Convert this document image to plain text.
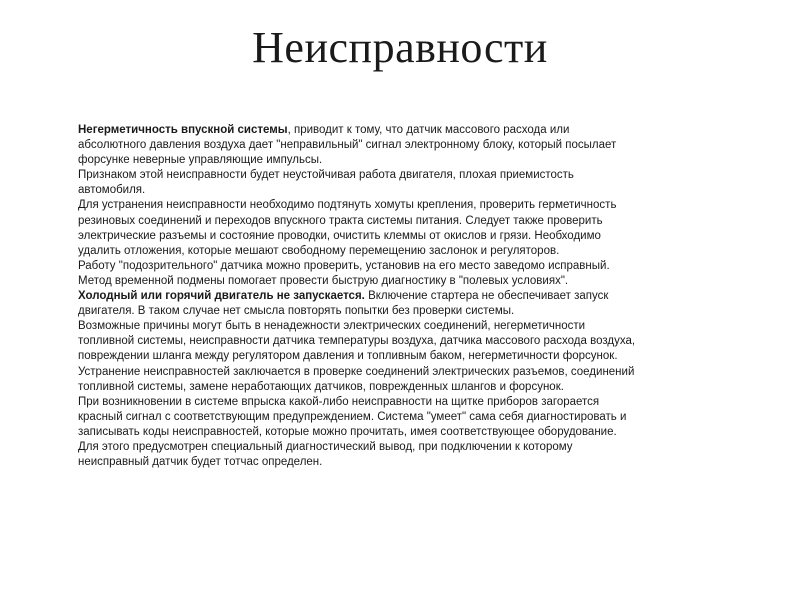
Неисправности

Негерметичность впускной системы, приводит к тому, что датчик массового расхода или абсолютного давления воздуха дает "неправильный" сигнал электронному блоку, который посылает форсунке неверные управляющие импульсы.

Признаком этой неисправности будет неустойчивая работа двигателя, плохая приемистость автомобиля.

Для устранения неисправности необходимо подтянуть хомуты крепления, проверить герметичность резиновых соединений и переходов впускного тракта системы питания. Следует также проверить электрические разъемы и состояние проводки, очистить клеммы от окислов и грязи. Необходимо удалить отложения, которые мешают свободному перемещению заслонок и регуляторов.

Работу "подозрительного" датчика можно проверить, установив на его место заведомо исправный. Метод временной подмены помогает провести быструю диагностику в "полевых условиях".

Холодный или горячий двигатель не запускается. Включение стартера не обеспечивает запуск двигателя. В таком случае нет смысла повторять попытки без проверки системы.

Возможные причины могут быть в ненадежности электрических соединений, негерметичности топливной системы, неисправности датчика температуры воздуха, датчика массового расхода воздуха, повреждении шланга между регулятором давления и топливным баком, негерметичности форсунок.

Устранение неисправностей заключается в проверке соединений электрических разъемов, соединений топливной системы, замене неработающих датчиков, поврежденных шлангов и форсунок.

При возникновении в системе впрыска какой-либо неисправности на щитке приборов загорается красный сигнал с соответствующим предупреждением. Система "умеет" сама себя диагностировать и записывать коды неисправностей, которые можно прочитать, имея соответствующее оборудование. Для этого предусмотрен специальный диагностический вывод, при подключении к которому неисправный датчик будет тотчас определен.
